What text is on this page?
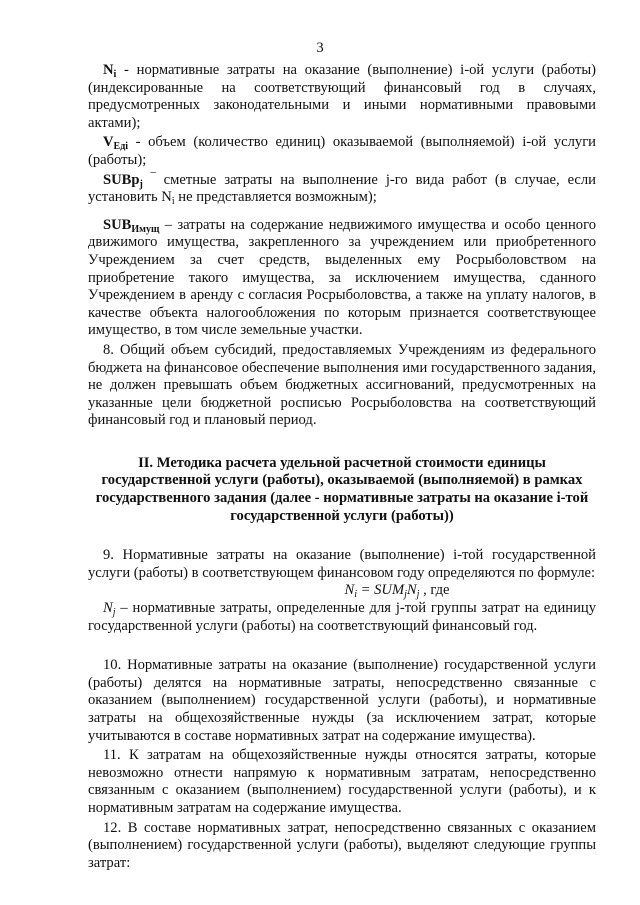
3

$N_i$ - нормативные затраты на оказание (выполнение) i-ой услуги (работы) (индексированные на соответствующий финансовый год в случаях, предусмотренных законодательными и иными нормативными правовыми актами);

$V_{Еді}$ - объем (количество единиц) оказываемой (выполняемой) i-ой услуги (работы);

SUBp$_j$ ‾ сметные затраты на выполнение j-го вида работ (в случае, если установить $N_i$ не представляется возможным);

$SUB_{Имущ}$ – затраты на содержание недвижимого имущества и особо ценного движимого имущества, закрепленного за учреждением или приобретенного Учреждением за счет средств, выделенных ему Росрыболовством на приобретение такого имущества, за исключением имущества, сданного Учреждением в аренду с согласия Росрыболовства, а также на уплату налогов, в качестве объекта налогообложения по которым признается соответствующее имущество, в том числе земельные участки.

8. Общий объем субсидий, предоставляемых Учреждениям из федерального бюджета на финансовое обеспечение выполнения ими государственного задания, не должен превышать объем бюджетных ассигнований, предусмотренных на указанные цели бюджетной росписью Росрыболовства на соответствующий финансовый год и плановый период.

II. Методика расчета удельной расчетной стоимости единицы государственной услуги (работы), оказываемой (выполняемой) в рамках государственного задания (далее - нормативные затраты на оказание i-той государственной услуги (работы))

9. Нормативные затраты на оказание (выполнение) i-той государственной услуги (работы) в соответствующем финансовом году определяются по формуле:

$N_i = SUM_jN_j$ , где

$N_j$ – нормативные затраты, определенные для j-той группы затрат на единицу государственной услуги (работы) на соответствующий финансовый год.

10. Нормативные затраты на оказание (выполнение) государственной услуги (работы) делятся на нормативные затраты, непосредственно связанные с оказанием (выполнением) государственной услуги (работы), и нормативные затраты на общехозяйственные нужды (за исключением затрат, которые учитываются в составе нормативных затрат на содержание имущества).

11. К затратам на общехозяйственные нужды относятся затраты, которые невозможно отнести напрямую к нормативным затратам, непосредственно связанным с оказанием (выполнением) государственной услуги (работы), и к нормативным затратам на содержание имущества.

12. В составе нормативных затрат, непосредственно связанных с оказанием (выполнением) государственной услуги (работы), выделяют следующие группы затрат:
